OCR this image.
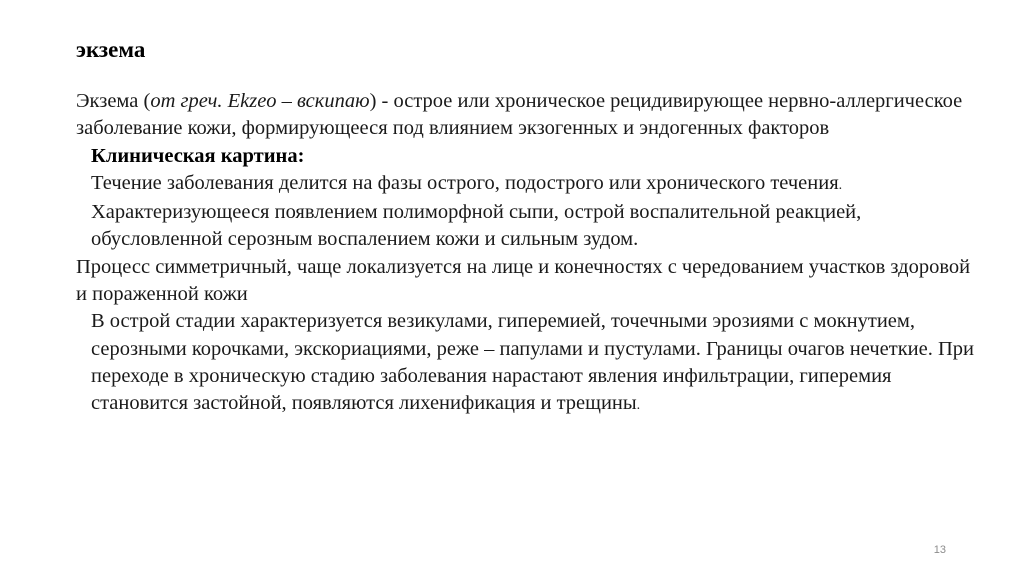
экзема

Экзема (от греч. Ekzeo – вскипаю) - острое или хроническое рецидивирующее нервно-аллергическое заболевание кожи, формирующееся под влиянием экзогенных и эндогенных факторов

Клиническая картина:

Течение заболевания делится на фазы острого, подострого или хронического течения.

Характеризующееся появлением полиморфной сыпи, острой воспалительной реакцией, обусловленной серозным воспалением кожи и сильным зудом.

Процесс симметричный, чаще локализуется на лице и конечностях с чередованием участков здоровой и пораженной кожи

В острой стадии характеризуется везикулами, гиперемией, точечными эрозиями с мокнутием, серозными корочками, экскориациями, реже – папулами и пустулами. Границы очагов нечеткие. При переходе в хроническую стадию заболевания нарастают явления инфильтрации, гиперемия становится застойной, появляются лихенификация и трещины.

13
